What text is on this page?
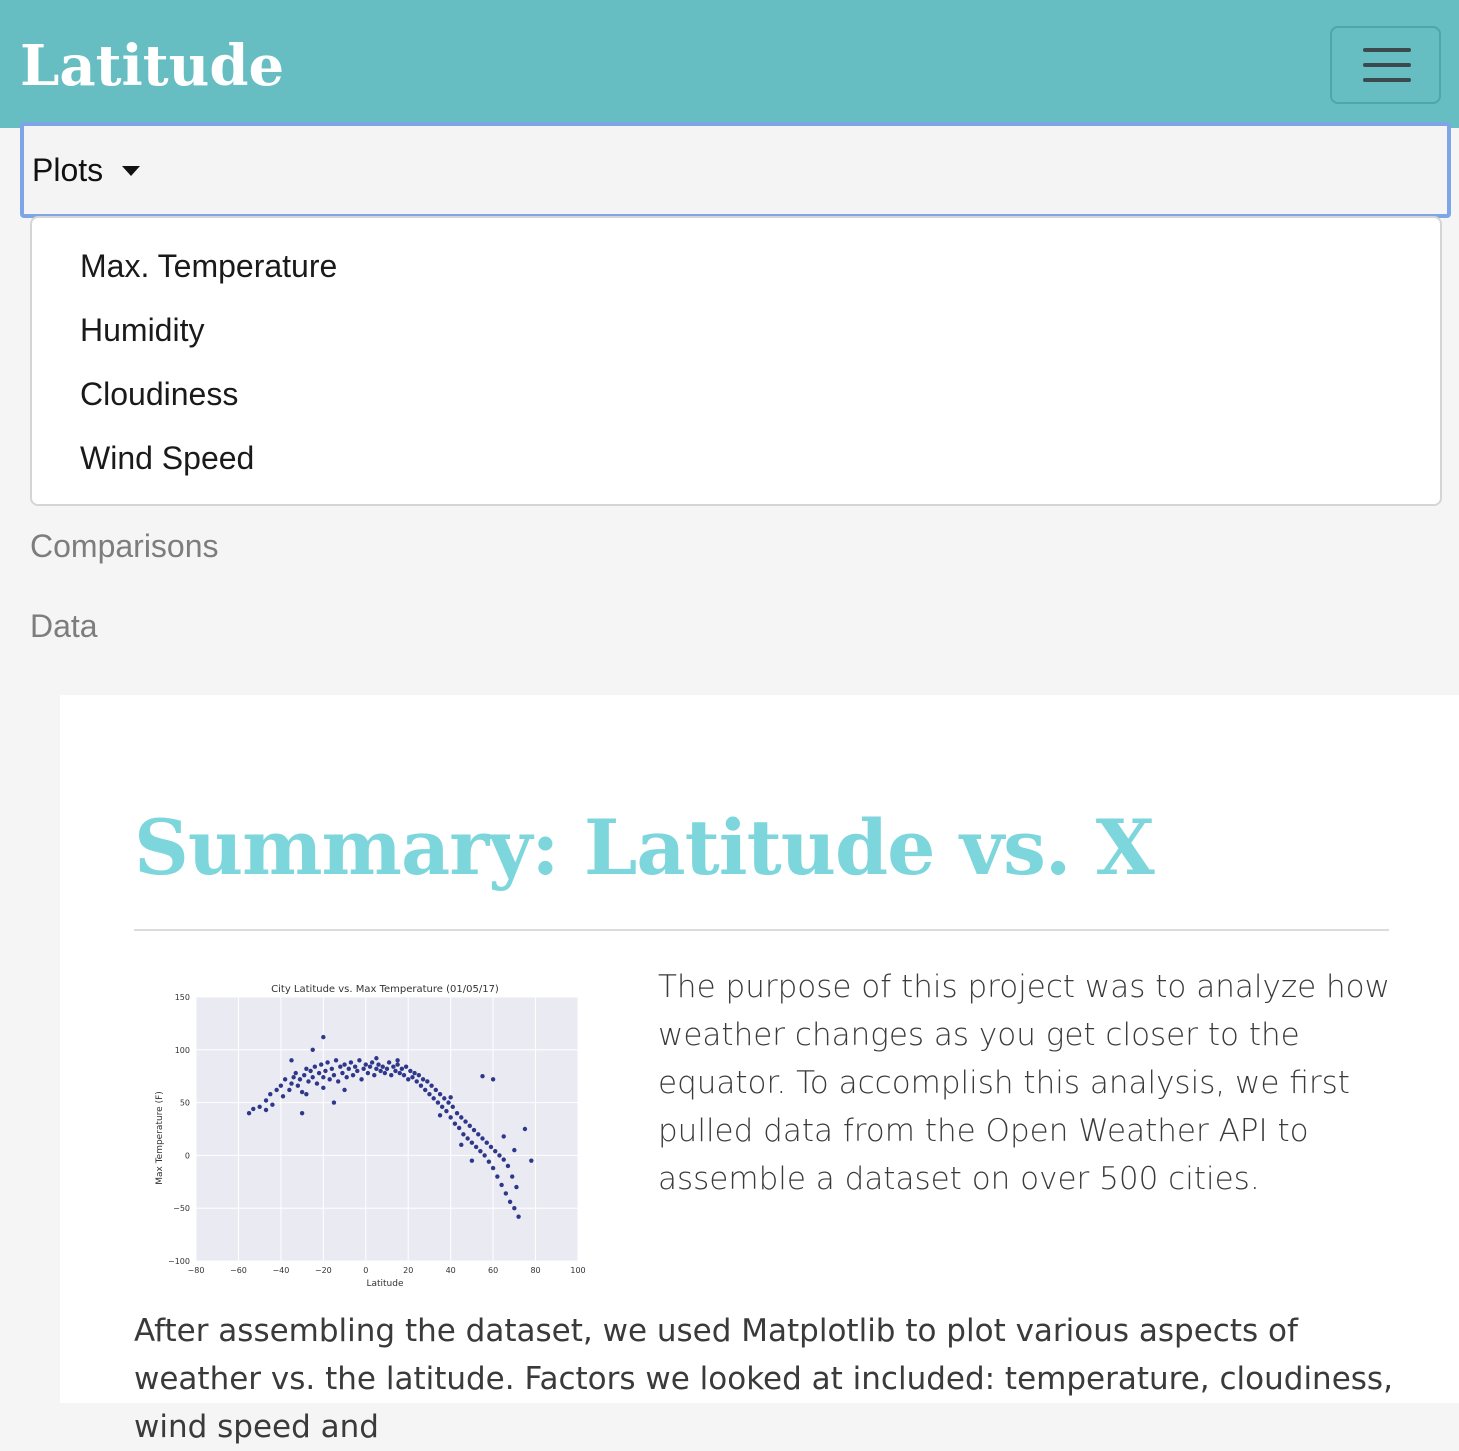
Latitude
Plots
Max. Temperature
Humidity
Cloudiness
Wind Speed
Comparisons
Data
Summary: Latitude vs. X
City Latitude vs. Max Temperature (01/05/17)
−80	−60	−40	−20	0	20	40	60	80	100
−100
−50
0
50
100
150
Latitude
Max Temperature (F)

The purpose of this project was to analyze how weather changes as you get closer to the equator. To accomplish this analysis, we first pulled data from the Open Weather API to assemble a dataset on over 500 cities.

After assembling the dataset, we used Matplotlib to plot various aspects of weather vs. the latitude. Factors we looked at included: temperature, cloudiness, wind speed and
